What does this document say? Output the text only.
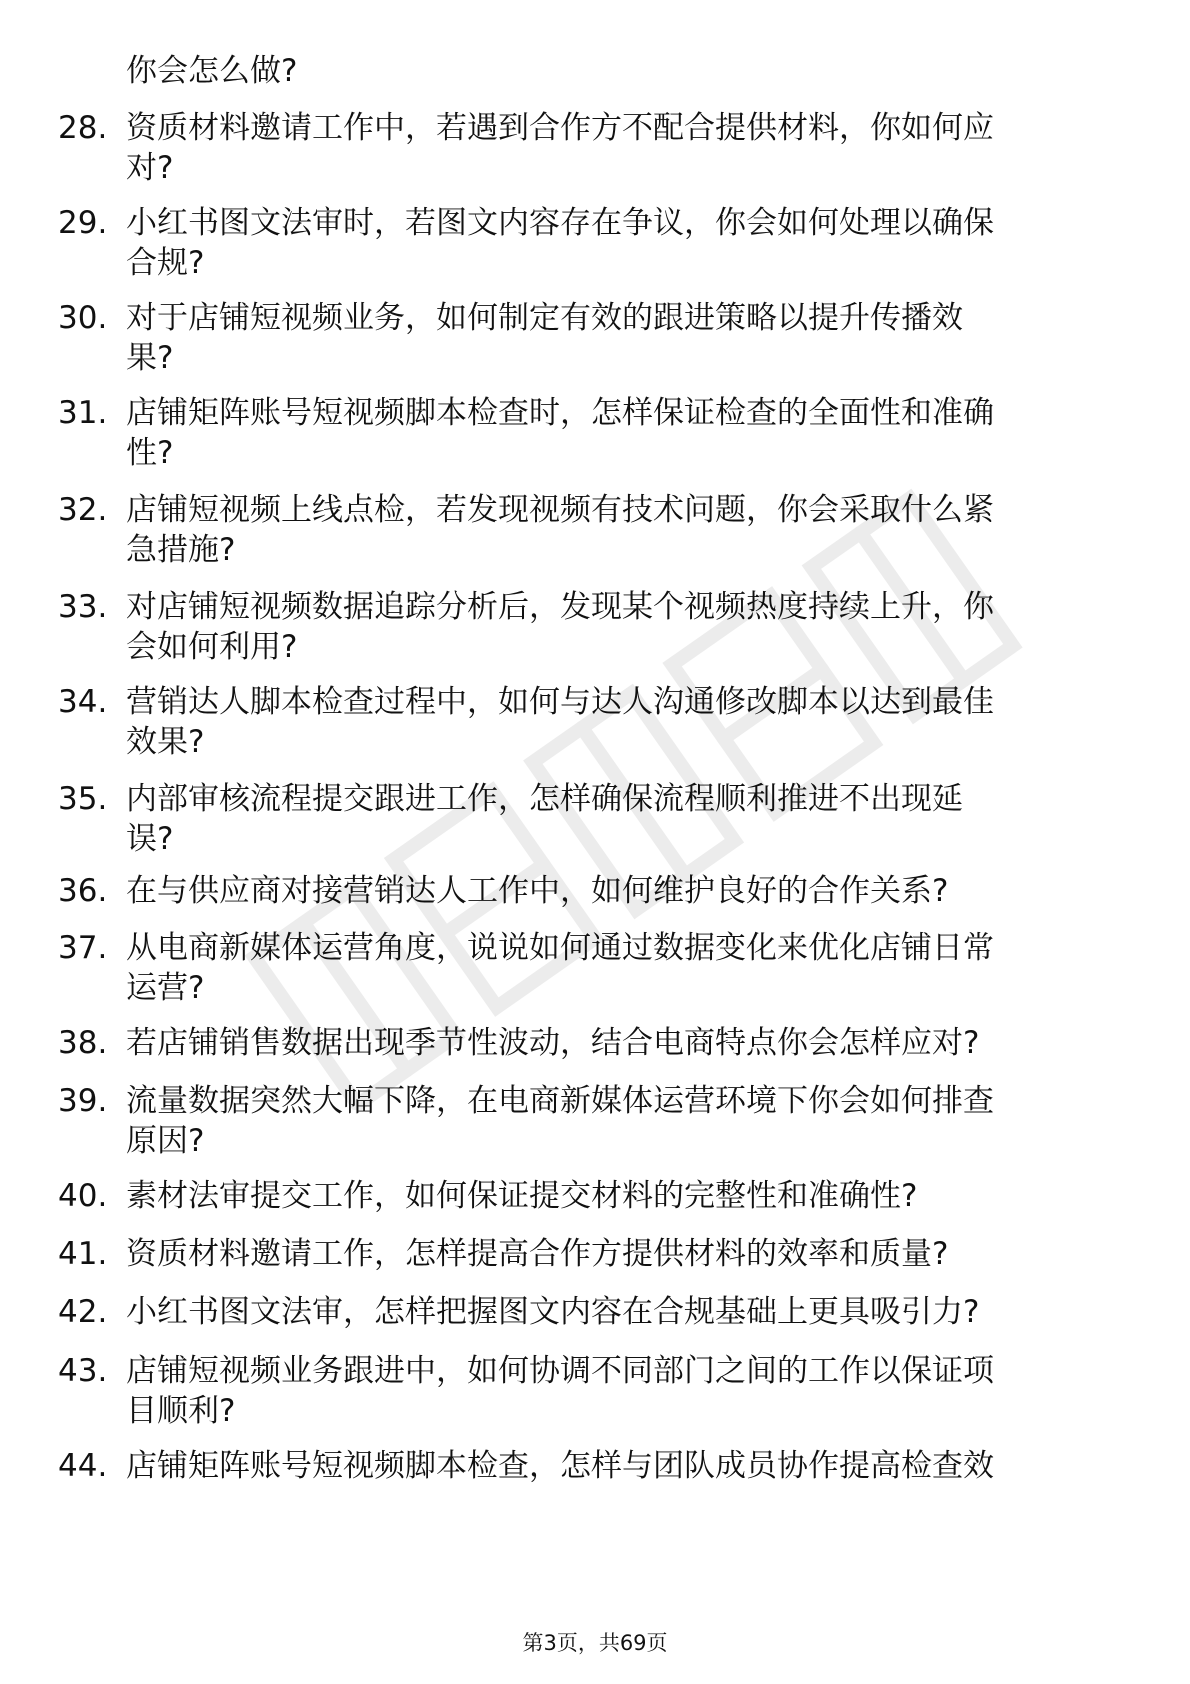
你会怎么做?
28. 资质材料邀请工作中，若遇到合作方不配合提供材料，你如何应
对?
29. 小红书图文法审时，若图文内容存在争议，你会如何处理以确保
合规?
30. 对于店铺短视频业务，如何制定有效的跟进策略以提升传播效
果?
31. 店铺矩阵账号短视频脚本检查时，怎样保证检查的全面性和准确
性?
32. 店铺短视频上线点检，若发现视频有技术问题，你会采取什么紧
急措施?
33. 对店铺短视频数据追踪分析后，发现某个视频热度持续上升，你
会如何利用?
34. 营销达人脚本检查过程中，如何与达人沟通修改脚本以达到最佳
效果?
35. 内部审核流程提交跟进工作，怎样确保流程顺利推进不出现延
误?
36. 在与供应商对接营销达人工作中，如何维护良好的合作关系?
37. 从电商新媒体运营角度，说说如何通过数据变化来优化店铺日常
运营?
38. 若店铺销售数据出现季节性波动，结合电商特点你会怎样应对?
39. 流量数据突然大幅下降，在电商新媒体运营环境下你会如何排查
原因?
40. 素材法审提交工作，如何保证提交材料的完整性和准确性?
41. 资质材料邀请工作，怎样提高合作方提供材料的效率和质量?
42. 小红书图文法审，怎样把握图文内容在合规基础上更具吸引力?
43. 店铺短视频业务跟进中，如何协调不同部门之间的工作以保证项
目顺利?
44. 店铺矩阵账号短视频脚本检查，怎样与团队成员协作提高检查效
第3页，共69页
